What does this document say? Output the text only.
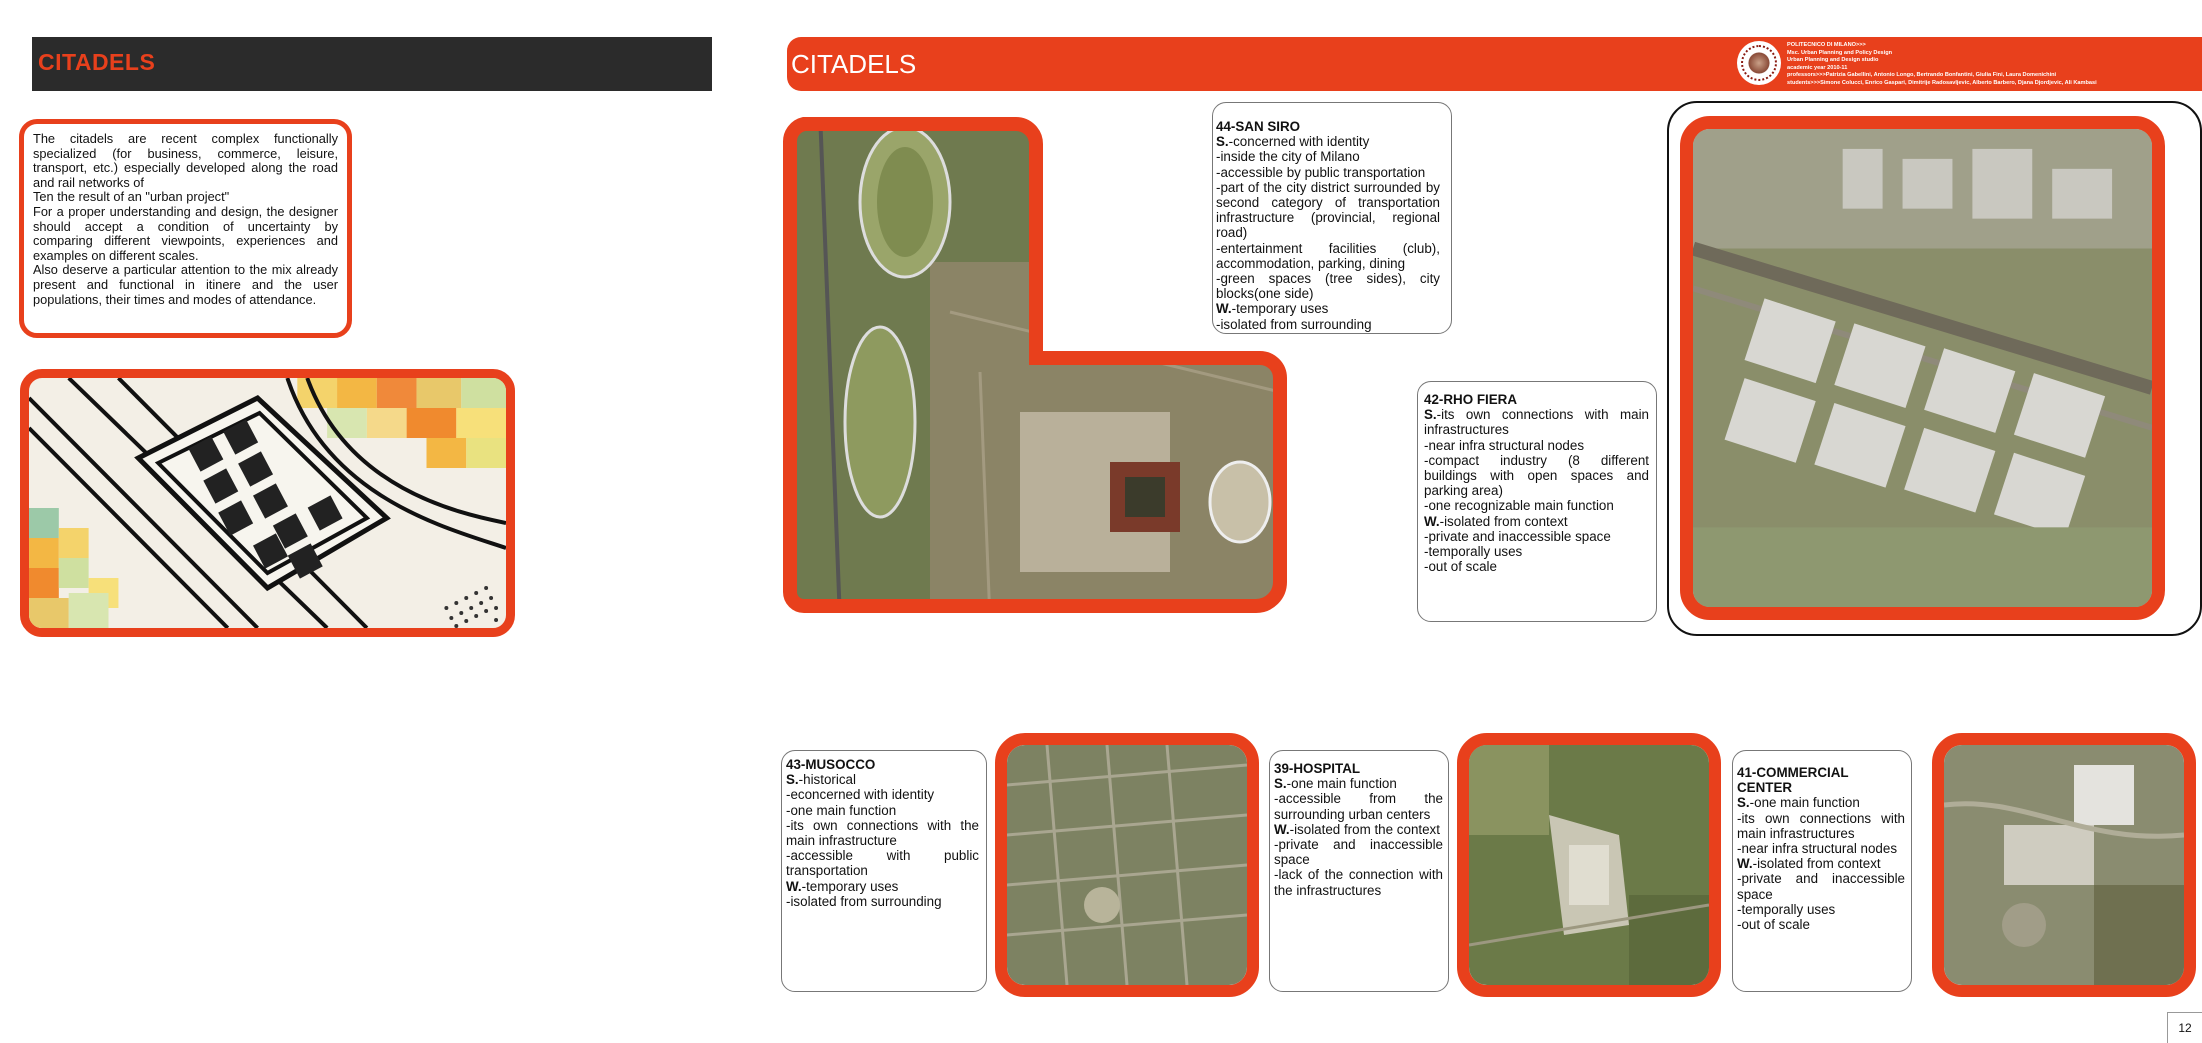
CITADELS

The citadels are recent complex functionally specialized (for business, commerce, leisure, transport, etc.) especially developed along the road and rail networks of

Ten the result of an "urban project"

For a proper understanding and design, the designer should accept a condition of uncertainty by comparing different viewpoints, experiences and examples on different scales.

Also deserve a particular attention to the mix already present and functional in itinere and the user populations, their times and modes of attendance.

CITADELS
POLITECNICO DI MILANO>>>
Msc. Urban Planning and Policy Design
Urban Planning and Design studio
academic year 2010-11
professors>>>Patrizia Gabellini, Antonio Longo, Bertrando Bonfantini, Giulia Fini, Laura Domenichini
students>>>Simone Colucci, Enrico Gaspari, Dimitrije Radosavljevic, Alberto Barbero, Djana Djordjevic, Ali Kambasi
44-SAN SIRO
S.-concerned with identity
-inside the city of Milano
-accessible by public transportation
-part of the city district surrounded by second category of transportation infrastructure (provincial, regional road)
-entertainment facilities (club), accommodation, parking, dining
-green spaces (tree sides), city blocks(one side)
W.-temporary uses
-isolated from surrounding
42-RHO FIERA
S.-its own connections with main infrastructures
-near infra structural nodes
-compact industry (8 different buildings with open spaces and parking area)
-one recognizable main function
W.-isolated from context
-private and inaccessible space
-temporally uses
-out of scale
43-MUSOCCO
S.-historical
-econcerned with identity
-one main function
-its own connections with the main infrastructure
-accessible with public transportation
W.-temporary uses
-isolated from surrounding
39-HOSPITAL
S.-one main function
-accessible from the surrounding urban centers
W.-isolated from the context
-private and inaccessible space
-lack of the connection with the infrastructures
41-COMMERCIAL CENTER
S.-one main function
-its own connections with main infrastructures
-near infra structural nodes
W.-isolated from context
-private and inaccessible space
-temporally uses
-out of scale
12
